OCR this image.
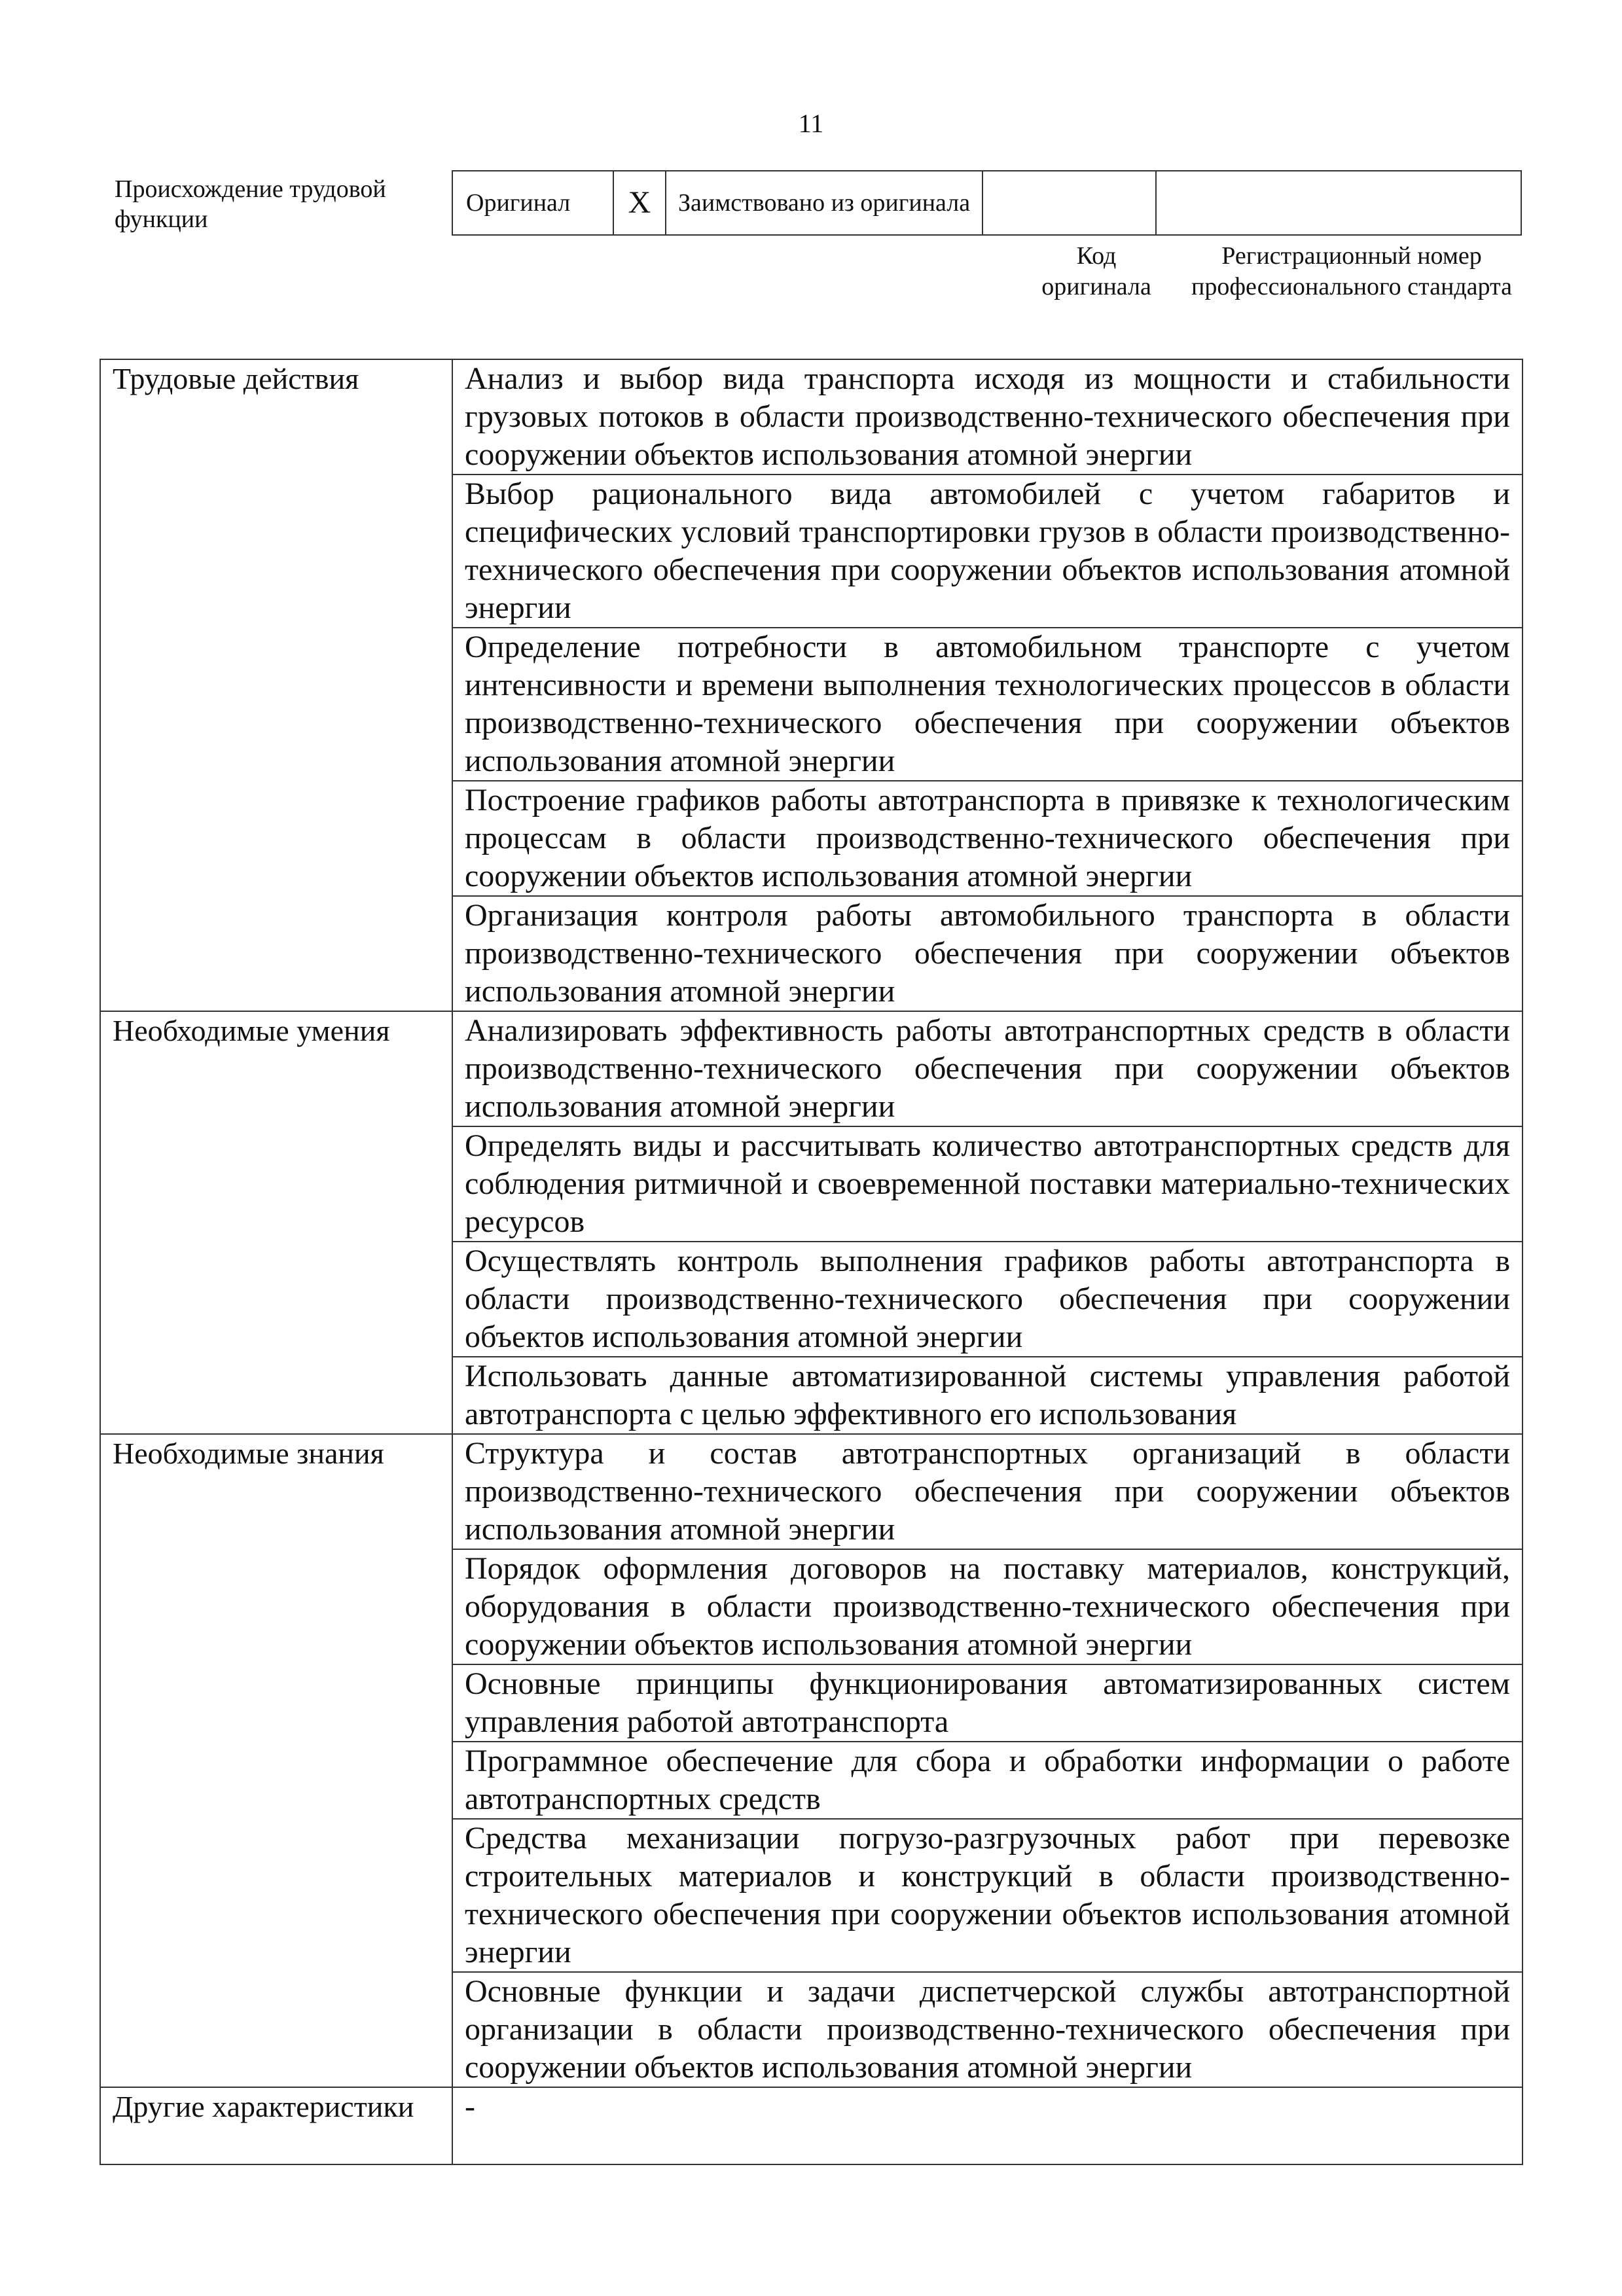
11
Происхождение трудовой функции
Оригинал	X	Заимствовано из оригинала
Код оригинала
Регистрационный номер профессионального стандарта
Трудовые действия	Анализ и выбор вида транспорта исходя из мощности и стабильности грузовых потоков в области производственно-технического обеспечения при сооружении объектов использования атомной энергии
	Выбор рационального вида автомобилей с учетом габаритов и специфических условий транспортировки грузов в области производственно-технического обеспечения при сооружении объектов использования атомной энергии
	Определение потребности в автомобильном транспорте с учетом интенсивности и времени выполнения технологических процессов в области производственно-технического обеспечения при сооружении объектов использования атомной энергии
	Построение графиков работы автотранспорта в привязке к технологическим процессам в области производственно-технического обеспечения при сооружении объектов использования атомной энергии
	Организация контроля работы автомобильного транспорта в области производственно-технического обеспечения при сооружении объектов использования атомной энергии
Необходимые умения	Анализировать эффективность работы автотранспортных средств в области производственно-технического обеспечения при сооружении объектов использования атомной энергии
	Определять виды и рассчитывать количество автотранспортных средств для соблюдения ритмичной и своевременной поставки материально-технических ресурсов
	Осуществлять контроль выполнения графиков работы автотранспорта в области производственно-технического обеспечения при сооружении объектов использования атомной энергии
	Использовать данные автоматизированной системы управления работой автотранспорта с целью эффективного его использования
Необходимые знания	Структура и состав автотранспортных организаций в области производственно-технического обеспечения при сооружении объектов использования атомной энергии
	Порядок оформления договоров на поставку материалов, конструкций, оборудования в области производственно-технического обеспечения при сооружении объектов использования атомной энергии
	Основные принципы функционирования автоматизированных систем управления работой автотранспорта
	Программное обеспечение для сбора и обработки информации о работе автотранспортных средств
	Средства механизации погрузо-разгрузочных работ при перевозке строительных материалов и конструкций в области производственно-технического обеспечения при сооружении объектов использования атомной энергии
	Основные функции и задачи диспетчерской службы автотранспортной организации в области производственно-технического обеспечения при сооружении объектов использования атомной энергии
Другие характеристики	-
